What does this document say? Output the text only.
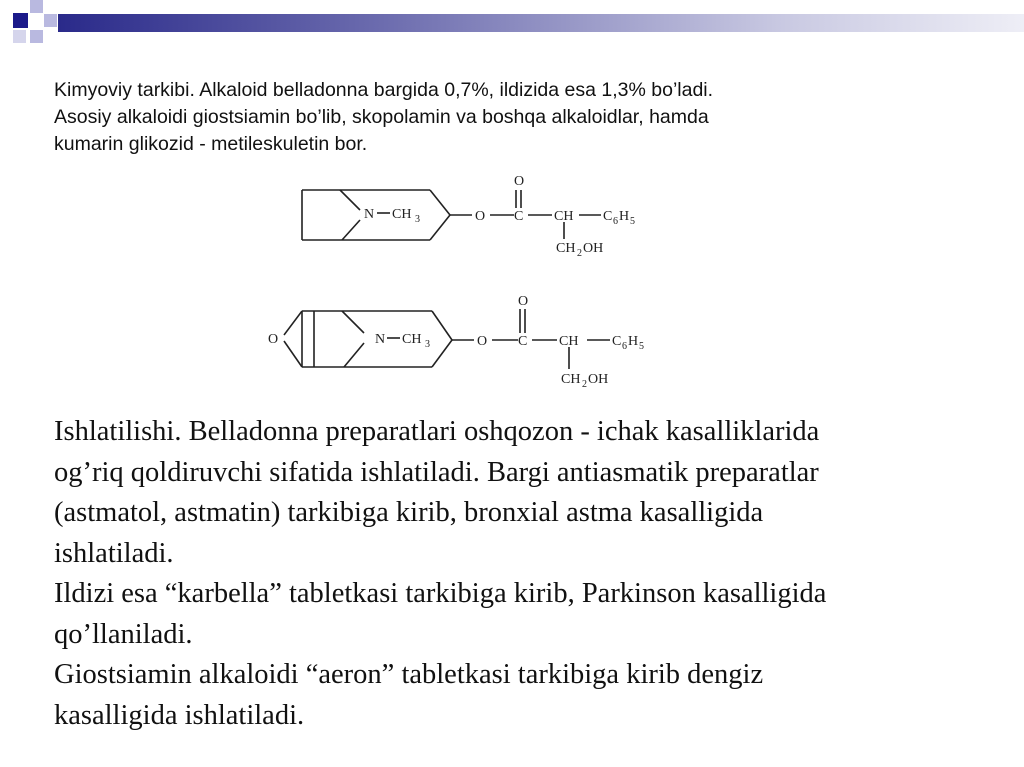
Kimyoviy tarkibi. Alkaloid belladonna bargida 0,7%, ildizida esa 1,3% bo’ladi.

Asosiy alkaloidi giostsiamin bo’lib, skopolamin va boshqa alkaloidlar, hamda

kumarin glikozid - metileskuletin bor.

N CH 3	O
O
C CH C 6 H 5
CH 2 OH
O	N CH 3	O
O
C CH C 6 H 5
CH 2 OH

Ishlatilishi. Belladonna preparatlari oshqozon - ichak kasalliklarida

og’riq qoldiruvchi sifatida ishlatiladi. Bargi antiasmatik preparatlar

(astmatol, astmatin) tarkibiga kirib, bronxial astma kasalligida

ishlatiladi.

Ildizi esa “karbella” tabletkasi tarkibiga kirib, Parkinson kasalligida

qo’llaniladi.

Giostsiamin alkaloidi “aeron” tabletkasi tarkibiga kirib dengiz

kasalligida ishlatiladi.
